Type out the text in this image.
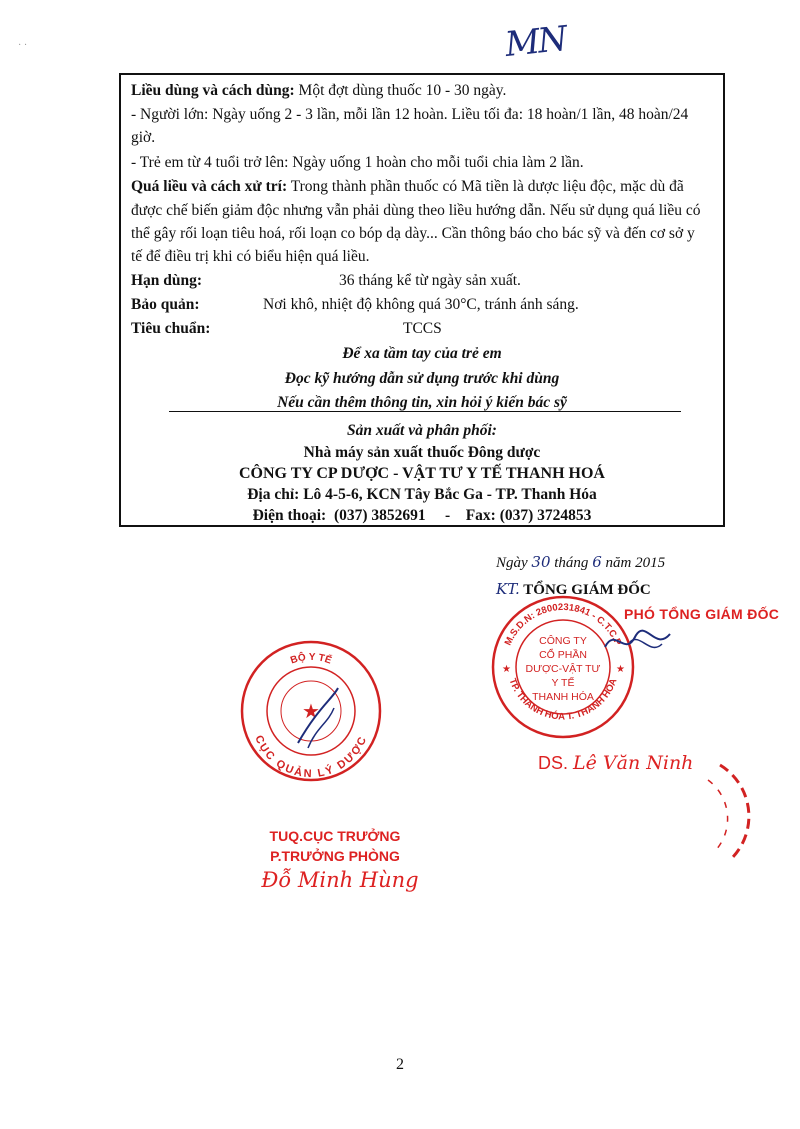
MN
· ·
Liều dùng và cách dùng: Một đợt dùng thuốc 10 - 30 ngày.
- Người lớn: Ngày uống 2 - 3 lần, mỗi lần 12 hoàn. Liều tối đa: 18 hoàn/1 lần, 48 hoàn/24
giờ.
- Trẻ em từ 4 tuổi trở lên: Ngày uống 1 hoàn cho mỗi tuổi chia làm 2 lần.
Quá liều và cách xử trí: Trong thành phần thuốc có Mã tiền là dược liệu độc, mặc dù đã
được chế biến giảm độc nhưng vẫn phải dùng theo liều hướng dẫn. Nếu sử dụng quá liều có
thể gây rối loạn tiêu hoá, rối loạn co bóp dạ dày... Cần thông báo cho bác sỹ và đến cơ sở y
tế để điều trị khi có biểu hiện quá liều.
Hạn dùng:	36 tháng kể từ ngày sản xuất.
Bảo quản:	Nơi khô, nhiệt độ không quá 30°C, tránh ánh sáng.
Tiêu chuẩn:	TCCS
Để xa tầm tay của trẻ em
Đọc kỹ hướng dẫn sử dụng trước khi dùng
Nếu cần thêm thông tin, xin hỏi ý kiến bác sỹ
Sản xuất và phân phối:
Nhà máy sản xuất thuốc Đông dược
CÔNG TY CP DƯỢC - VẬT TƯ Y TẾ THANH HOÁ
Địa chỉ: Lô 4-5-6, KCN Tây Bắc Ga - TP. Thanh Hóa
Điện thoại:  (037) 3852691     -    Fax: (037) 3724853
Ngày 30 tháng 6 năm 2015
KT. TỔNG GIÁM ĐỐC
PHÓ TỔNG GIÁM ĐỐC
M.S.D.N: 2800231841 - C.T.C.P
TP. THANH HÓA T. THANH HÓA
CÔNG TY
CỔ PHẦN
DƯỢC-VẬT TƯ
Y TẾ
THANH HÓA
★	★
DS. Lê Văn Ninh
BỘ Y TẾ
CỤC QUẢN LÝ DƯỢC
★
TUQ.CỤC TRƯỞNG
P.TRƯỞNG PHÒNG
Đỗ Minh Hùng
2
